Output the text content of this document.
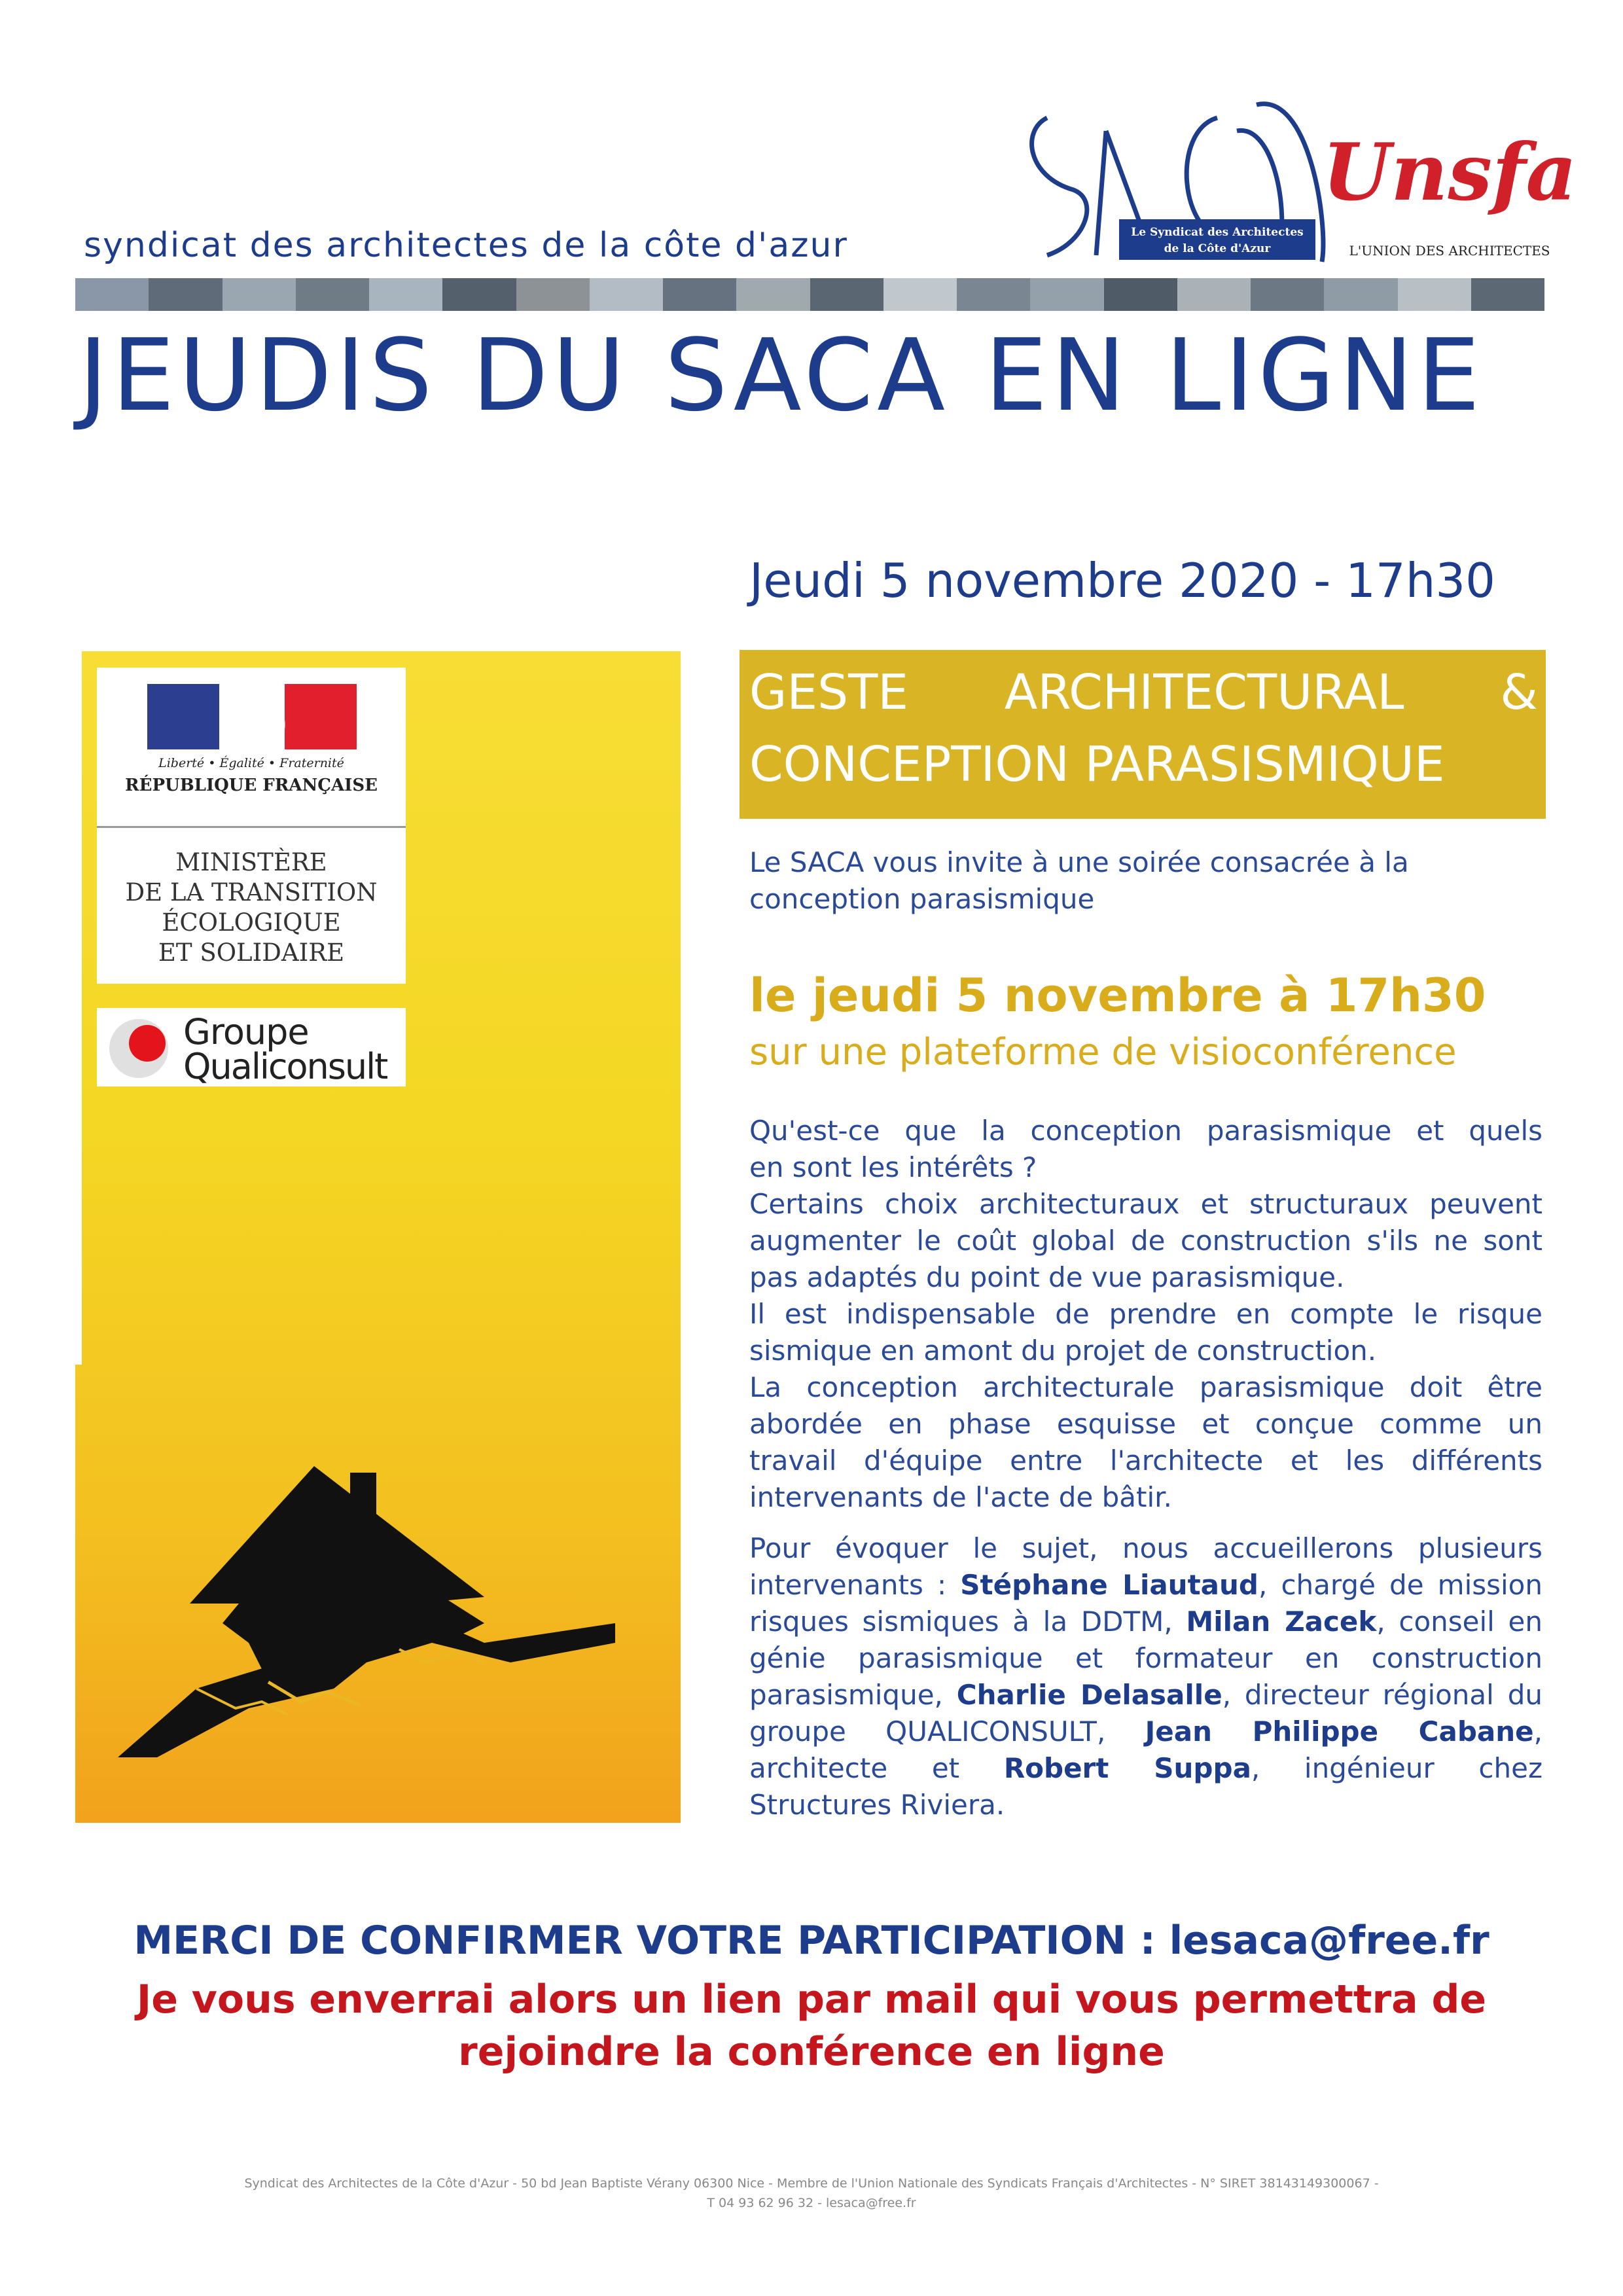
Le Syndicat des Architectes
de la Côte d'Azur
Unsfa
L'UNION DES ARCHITECTES
syndicat des architectes de la côte d'azur
JEUDIS DU SACA EN LIGNE
Jeudi 5 novembre 2020 - 17h30
Liberté • Égalité • Fraternité
RÉPUBLIQUE FRANÇAISE
MINISTÈRE
DE LA TRANSITION
ÉCOLOGIQUE
ET SOLIDAIRE
Groupe
Qualiconsult
GESTE ARCHITECTURAL &
CONCEPTION PARASISMIQUE
Le SACA vous invite à une soirée consacrée à la
conception parasismique
le jeudi 5 novembre à 17h30
sur une plateforme de visioconférence
Qu'est-ce que la conception parasismique et quels
en sont les intérêts ?
Certains choix architecturaux et structuraux peuvent
augmenter le coût global de construction s'ils ne sont
pas adaptés du point de vue parasismique.
Il est indispensable de prendre en compte le risque
sismique en amont du projet de construction.
La conception architecturale parasismique doit être
abordée en phase esquisse et conçue comme un
travail d'équipe entre l'architecte et les différents
intervenants de l'acte de bâtir.
Pour évoquer le sujet, nous accueillerons plusieurs
intervenants : Stéphane Liautaud, chargé de mission
risques sismiques à la DDTM, Milan Zacek, conseil en
génie parasismique et formateur en construction
parasismique, Charlie Delasalle, directeur régional du
groupe QUALICONSULT, Jean Philippe Cabane,
architecte et Robert Suppa, ingénieur chez
Structures Riviera.
MERCI DE CONFIRMER VOTRE PARTICIPATION : lesaca@free.fr
Je vous enverrai alors un lien par mail qui vous permettra de
rejoindre la conférence en ligne
Syndicat des Architectes de la Côte d'Azur - 50 bd Jean Baptiste Vérany 06300 Nice - Membre de l'Union Nationale des Syndicats Français d'Architectes - N° SIRET 38143149300067 -
T 04 93 62 96 32 - lesaca@free.fr
